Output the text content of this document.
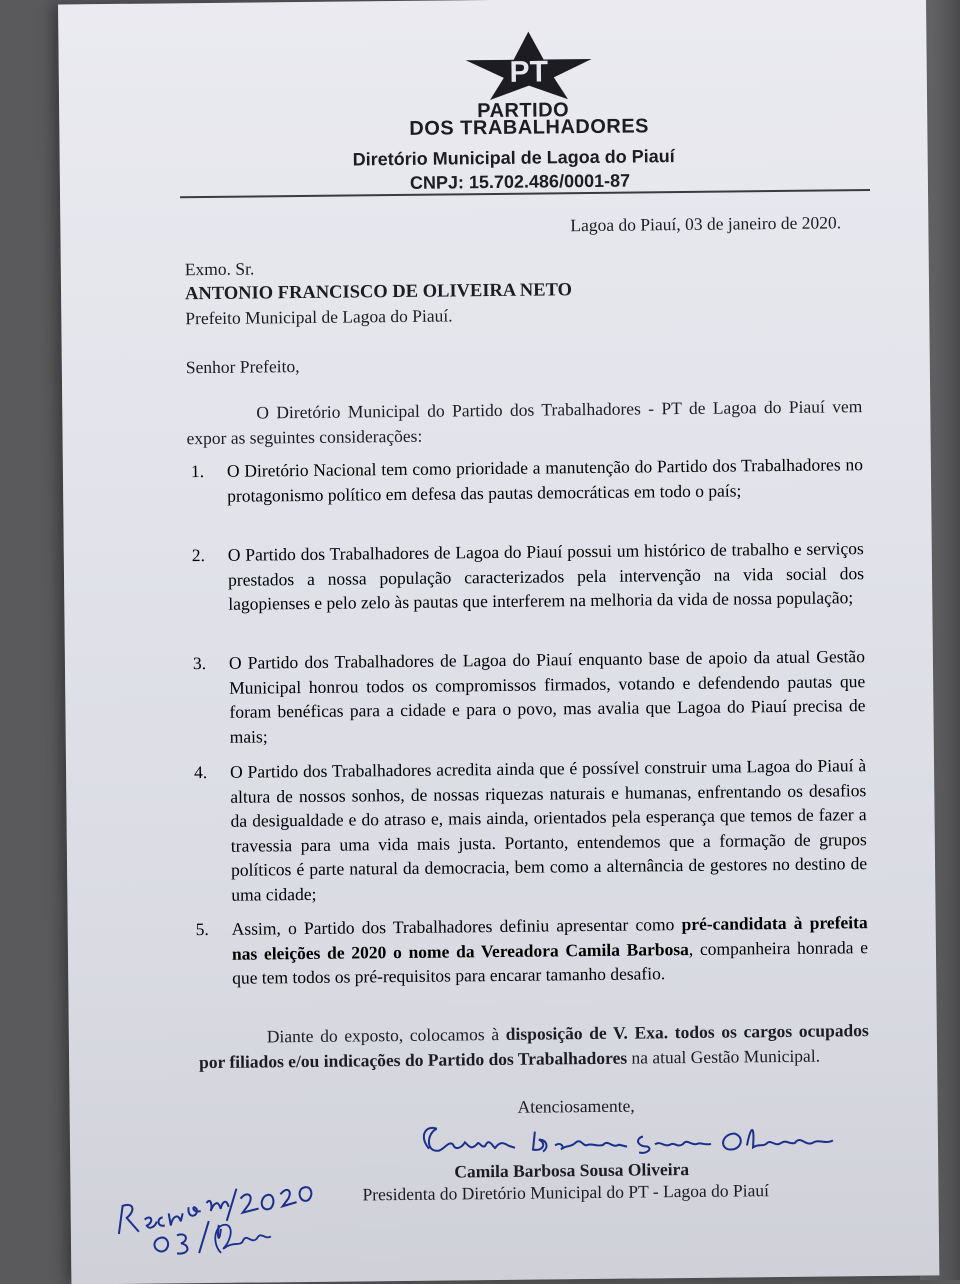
PT
PARTIDO
DOS TRABALHADORES
Diretório Municipal de Lagoa do Piauí
CNPJ: 15.702.486/0001-87
Lagoa do Piauí, 03 de janeiro de 2020.
Exmo. Sr.
ANTONIO FRANCISCO DE OLIVEIRA NETO
Prefeito Municipal de Lagoa do Piauí.
Senhor Prefeito,
O Diretório Municipal do Partido dos Trabalhadores - PT de Lagoa do Piauí vem expor as seguintes considerações:
1.	O Diretório Nacional tem como prioridade a manutenção do Partido dos Trabalhadores no protagonismo político em defesa das pautas democráticas em todo o país;
2.	O Partido dos Trabalhadores de Lagoa do Piauí possui um histórico de trabalho e serviços prestados a nossa população caracterizados pela intervenção na vida social dos lagopienses e pelo zelo às pautas que interferem na melhoria da vida de nossa população;
3.	O Partido dos Trabalhadores de Lagoa do Piauí enquanto base de apoio da atual Gestão Municipal honrou todos os compromissos firmados, votando e defendendo pautas que foram benéficas para a cidade e para o povo, mas avalia que Lagoa do Piauí precisa de mais;
4.	O Partido dos Trabalhadores acredita ainda que é possível construir uma Lagoa do Piauí à altura de nossos sonhos, de nossas riquezas naturais e humanas, enfrentando os desafios da desigualdade e do atraso e, mais ainda, orientados pela esperança que temos de fazer a travessia para uma vida mais justa. Portanto, entendemos que a formação de grupos políticos é parte natural da democracia, bem como a alternância de gestores no destino de uma cidade;
5.	Assim, o Partido dos Trabalhadores definiu apresentar como pré-candidata à prefeita nas eleições de 2020 o nome da Vereadora Camila Barbosa, companheira honrada e que tem todos os pré-requisitos para encarar tamanho desafio.
Diante do exposto, colocamos à disposição de V. Exa. todos os cargos ocupados por filiados e/ou indicações do Partido dos Trabalhadores na atual Gestão Municipal.
Atenciosamente,
Camila Barbosa Sousa Oliveira
Presidenta do Diretório Municipal do PT - Lagoa do Piauí
